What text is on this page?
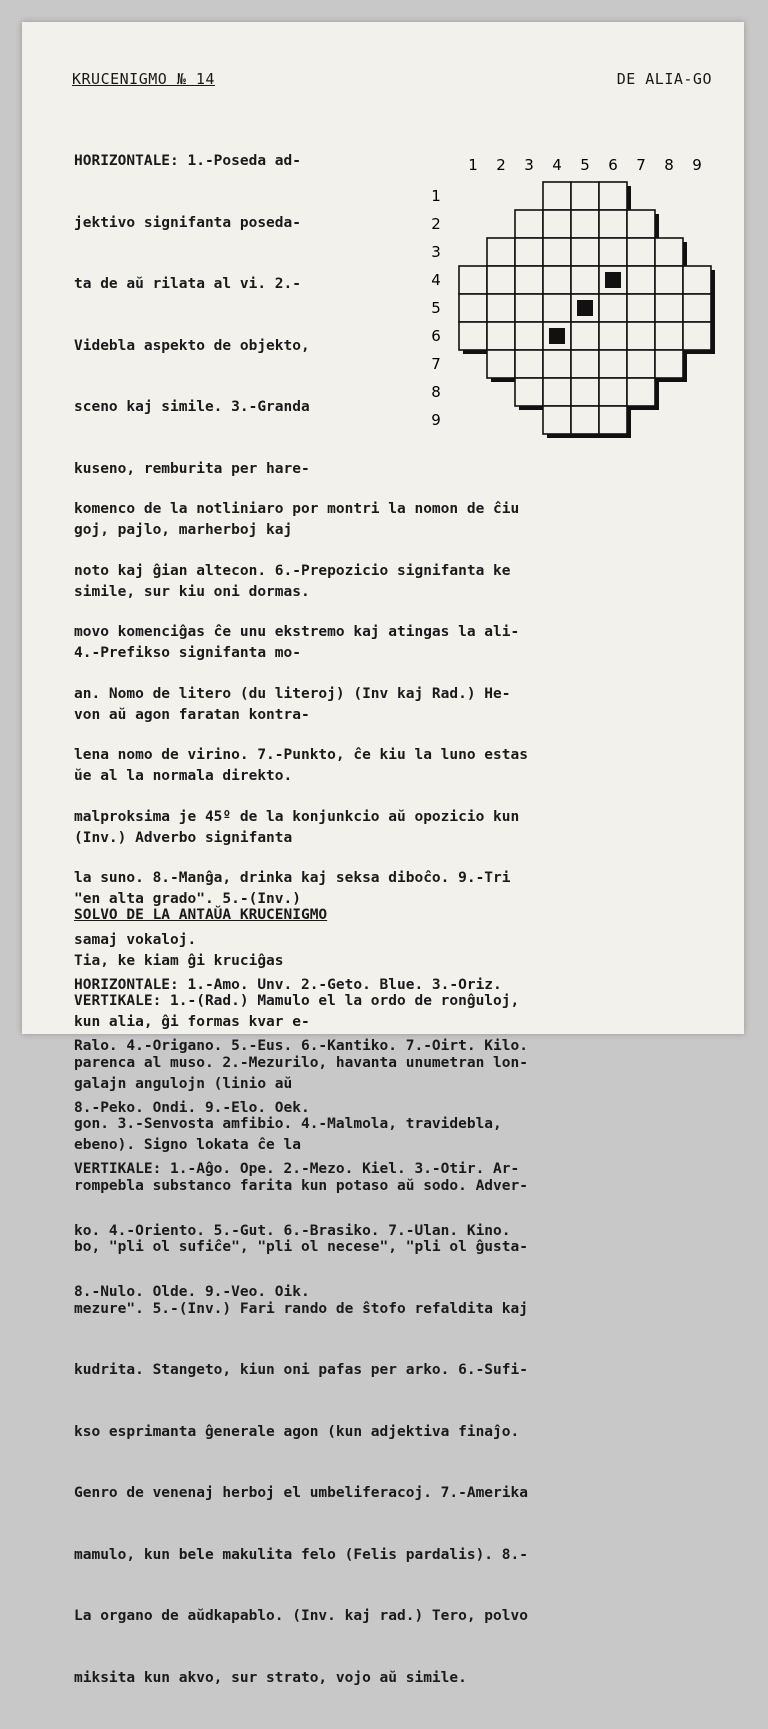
KRUCENIGMO № 14	DE ALIA-GO

HORIZONTALE: 1.-Poseda ad-

jektivo signifanta poseda-

ta de aŭ rilata al vi. 2.-

Videbla aspekto de objekto,

sceno kaj simile. 3.-Granda

kuseno, remburita per hare-

goj, pajlo, marherboj kaj

simile, sur kiu oni dormas.

4.-Prefikso signifanta mo-

von aŭ agon faratan kontra-

ŭe al la normala direkto.

(Inv.) Adverbo signifanta

"en alta grado". 5.-(Inv.)

Tia, ke kiam ĝi kruciĝas

kun alia, ĝi formas kvar e-

galajn angulojn (linio aŭ

ebeno). Signo lokata ĉe la

1 2 3 4 5 6 7 8 9
1
2
3
4
5
6
7
8
9

komenco de la notliniaro por montri la nomon de ĉiu

noto kaj ĝian altecon. 6.-Prepozicio signifanta ke

movo komenciĝas ĉe unu ekstremo kaj atingas la ali-

an. Nomo de litero (du literoj) (Inv kaj Rad.) He-

lena nomo de virino. 7.-Punkto, ĉe kiu la luno estas

malproksima je 45º de la konjunkcio aŭ opozicio kun

la suno. 8.-Manĝa, drinka kaj seksa diboĉo. 9.-Tri

samaj vokaloj.

VERTIKALE: 1.-(Rad.) Mamulo el la ordo de ronĝuloj,

parenca al muso. 2.-Mezurilo, havanta unumetran lon-

gon. 3.-Senvosta amfibio. 4.-Malmola, travidebla,

rompebla substanco farita kun potaso aŭ sodo. Adver-

bo, "pli ol sufiĉe", "pli ol necese", "pli ol ĝusta-

mezure". 5.-(Inv.) Fari rando de ŝtofo refaldita kaj

kudrita. Stangeto, kiun oni pafas per arko. 6.-Sufi-

kso esprimanta ĝenerale agon (kun adjektiva finaĵo.

Genro de venenaj herboj el umbeliferacoj. 7.-Amerika

mamulo, kun bele makulita felo (Felis pardalis). 8.-

La organo de aŭdkapablo. (Inv. kaj rad.) Tero, polvo

miksita kun akvo, sur strato, vojo aŭ simile.

SOLVO DE LA ANTAŬA KRUCENIGMO

HORIZONTALE: 1.-Amo. Unv. 2.-Geto. Blue. 3.-Oriz.

Ralo. 4.-Origano. 5.-Eus. 6.-Kantiko. 7.-Oirt. Kilo.

8.-Peko. Ondi. 9.-Elo. Oek.

VERTIKALE: 1.-Aĝo. Ope. 2.-Mezo. Kiel. 3.-Otir. Ar-

ko. 4.-Oriento. 5.-Gut. 6.-Brasiko. 7.-Ulan. Kino.

8.-Nulo. Olde. 9.-Veo. Oik.
